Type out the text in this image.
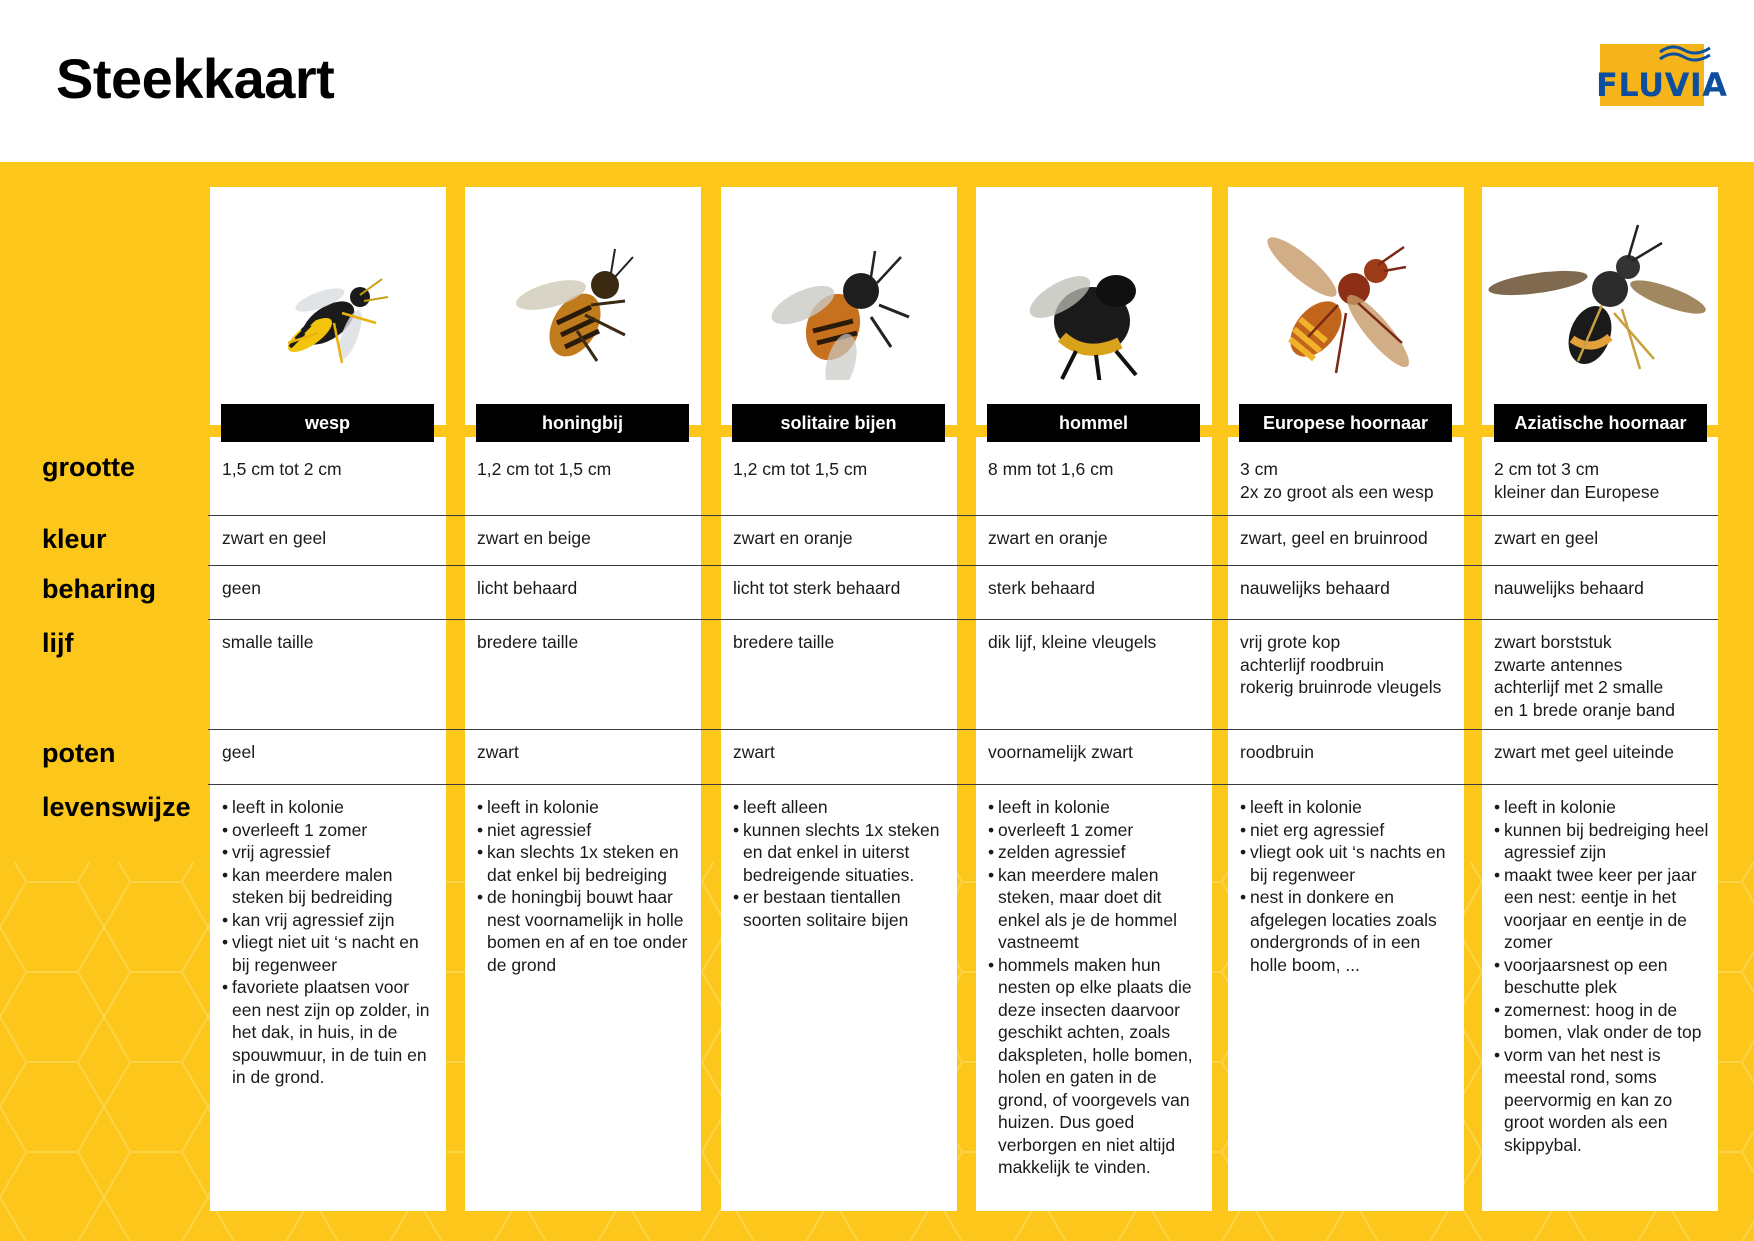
Steekkaart	FLUVIA
wesp
1,5 cm tot 2 cm
zwart en geel
geen
smalle taille
geel
• leeft in kolonie
• overleeft 1 zomer
• vrij agressief
• kan meerdere malen steken bij bedreiding
• kan vrij agressief zijn
• vliegt niet uit ‘s nacht en bij regenweer
• favoriete plaatsen voor een nest zijn op zolder, in het dak, in huis, in de spouwmuur, in de tuin en in de grond.
honingbij
1,2 cm tot 1,5 cm
zwart en beige
licht behaard
bredere taille
zwart
• leeft in kolonie
• niet agressief
• kan slechts 1x steken en dat enkel bij bedreiging
• de honingbij bouwt haar nest voornamelijk in holle bomen en af en toe onder de grond
solitaire bijen
1,2 cm tot 1,5 cm
zwart en oranje
licht tot sterk behaard
bredere taille
zwart
• leeft alleen
• kunnen slechts 1x steken en dat enkel in uiterst bedreigende situaties.
• er bestaan tientallen soorten solitaire bijen
hommel
8 mm tot 1,6 cm
zwart en oranje
sterk behaard
dik lijf, kleine vleugels
voornamelijk zwart
• leeft in kolonie
• overleeft 1 zomer
• zelden agressief
• kan meerdere malen steken, maar doet dit enkel als je de hommel vastneemt
• hommels maken hun nesten op elke plaats die deze insecten daarvoor geschikt achten, zoals dakspleten, holle bomen, holen en gaten in de grond, of voorgevels van huizen. Dus goed verborgen en niet altijd makkelijk te vinden.
Europese hoornaar
3 cm
2x zo groot als een wesp
zwart, geel en bruinrood
nauwelijks behaard
vrij grote kop
achterlijf roodbruin
rokerig bruinrode vleugels
roodbruin
• leeft in kolonie
• niet erg agressief
• vliegt ook uit ‘s nachts en bij regenweer
• nest in donkere en afgelegen locaties zoals ondergronds of in een holle boom, ...
Aziatische hoornaar
2 cm tot 3 cm
kleiner dan Europese
zwart en geel
nauwelijks behaard
zwart borststuk
zwarte antennes
achterlijf met 2 smalle
en 1 brede oranje band
zwart met geel uiteinde
• leeft in kolonie
• kunnen bij bedreiging heel agressief zijn
• maakt twee keer per jaar een nest: eentje in het voorjaar en eentje in de zomer
• voorjaarsnest op een beschutte plek
• zomernest: hoog in de bomen, vlak onder de top
• vorm van het nest is meestal rond, soms peervormig en kan zo groot worden als een skippybal.
grootte
kleur
beharing
lijf
poten
levenswijze
